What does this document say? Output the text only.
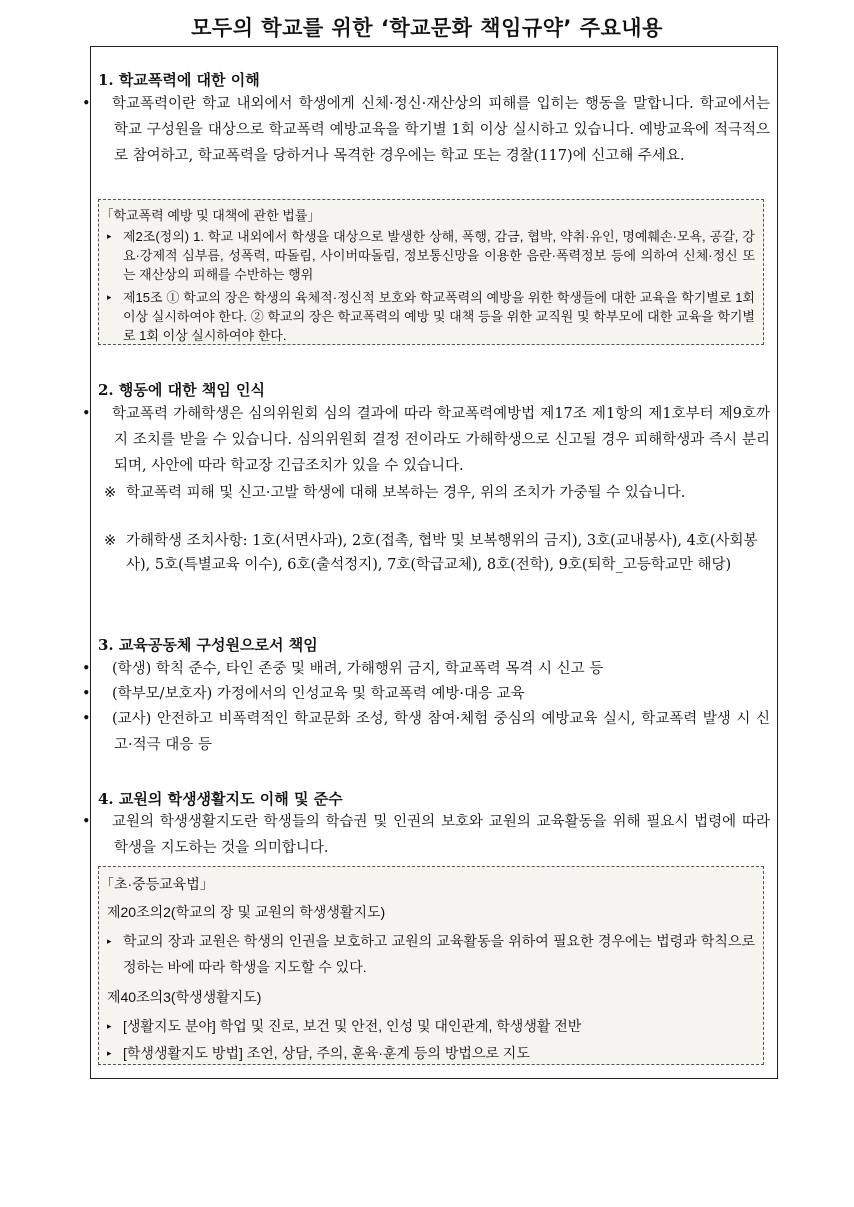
모두의 학교를 위한 ‘학교문화 책임규약’ 주요내용
1. 학교폭력에 대한 이해
• 학교폭력이란 학교 내외에서 학생에게 신체·정신·재산상의 피해를 입히는 행동을 말합니다. 학교에서는 학교 구성원을 대상으로 학교폭력 예방교육을 학기별 1회 이상 실시하고 있습니다. 예방교육에 적극적으로 참여하고, 학교폭력을 당하거나 목격한 경우에는 학교 또는 경찰(117)에 신고해 주세요.
｢학교폭력 예방 및 대책에 관한 법률｣
▸ 제2조(정의) 1. 학교 내외에서 학생을 대상으로 발생한 상해, 폭행, 감금, 협박, 약취·유인, 명예훼손·모욕, 공갈, 강요·강제적 심부름, 성폭력, 따돌림, 사이버따돌림, 정보통신망을 이용한 음란·폭력정보 등에 의하여 신체·정신 또는 재산상의 피해를 수반하는 행위
▸ 제15조 ① 학교의 장은 학생의 육체적·정신적 보호와 학교폭력의 예방을 위한 학생들에 대한 교육을 학기별로 1회 이상 실시하여야 한다. ② 학교의 장은 학교폭력의 예방 및 대책 등을 위한 교직원 및 학부모에 대한 교육을 학기별로 1회 이상 실시하여야 한다.
2. 행동에 대한 책임 인식
• 학교폭력 가해학생은 심의위원회 심의 결과에 따라 학교폭력예방법 제17조 제1항의 제1호부터 제9호까지 조치를 받을 수 있습니다. 심의위원회 결정 전이라도 가해학생으로 신고될 경우 피해학생과 즉시 분리되며, 사안에 따라 학교장 긴급조치가 있을 수 있습니다.
※ 학교폭력 피해 및 신고·고발 학생에 대해 보복하는 경우, 위의 조치가 가중될 수 있습니다.
※ 가해학생 조치사항: 1호(서면사과), 2호(접촉, 협박 및 보복행위의 금지), 3호(교내봉사), 4호(사회봉사), 5호(특별교육 이수), 6호(출석정지), 7호(학급교체), 8호(전학), 9호(퇴학_고등학교만 해당)
3. 교육공동체 구성원으로서 책임
• (학생) 학칙 준수, 타인 존중 및 배려, 가해행위 금지, 학교폭력 목격 시 신고 등
• (학부모/보호자) 가정에서의 인성교육 및 학교폭력 예방·대응 교육
• (교사) 안전하고 비폭력적인 학교문화 조성, 학생 참여·체험 중심의 예방교육 실시, 학교폭력 발생 시 신고·적극 대응 등
4. 교원의 학생생활지도 이해 및 준수
• 교원의 학생생활지도란 학생들의 학습권 및 인권의 보호와 교원의 교육활동을 위해 필요시 법령에 따라 학생을 지도하는 것을 의미합니다.
｢초·중등교육법｣
제20조의2(학교의 장 및 교원의 학생생활지도)
▸ 학교의 장과 교원은 학생의 인권을 보호하고 교원의 교육활동을 위하여 필요한 경우에는 법령과 학칙으로 정하는 바에 따라 학생을 지도할 수 있다.
제40조의3(학생생활지도)
▸ [생활지도 분야] 학업 및 진로, 보건 및 안전, 인성 및 대인관계, 학생생활 전반
▸ [학생생활지도 방법] 조언, 상담, 주의, 훈육·훈계 등의 방법으로 지도
